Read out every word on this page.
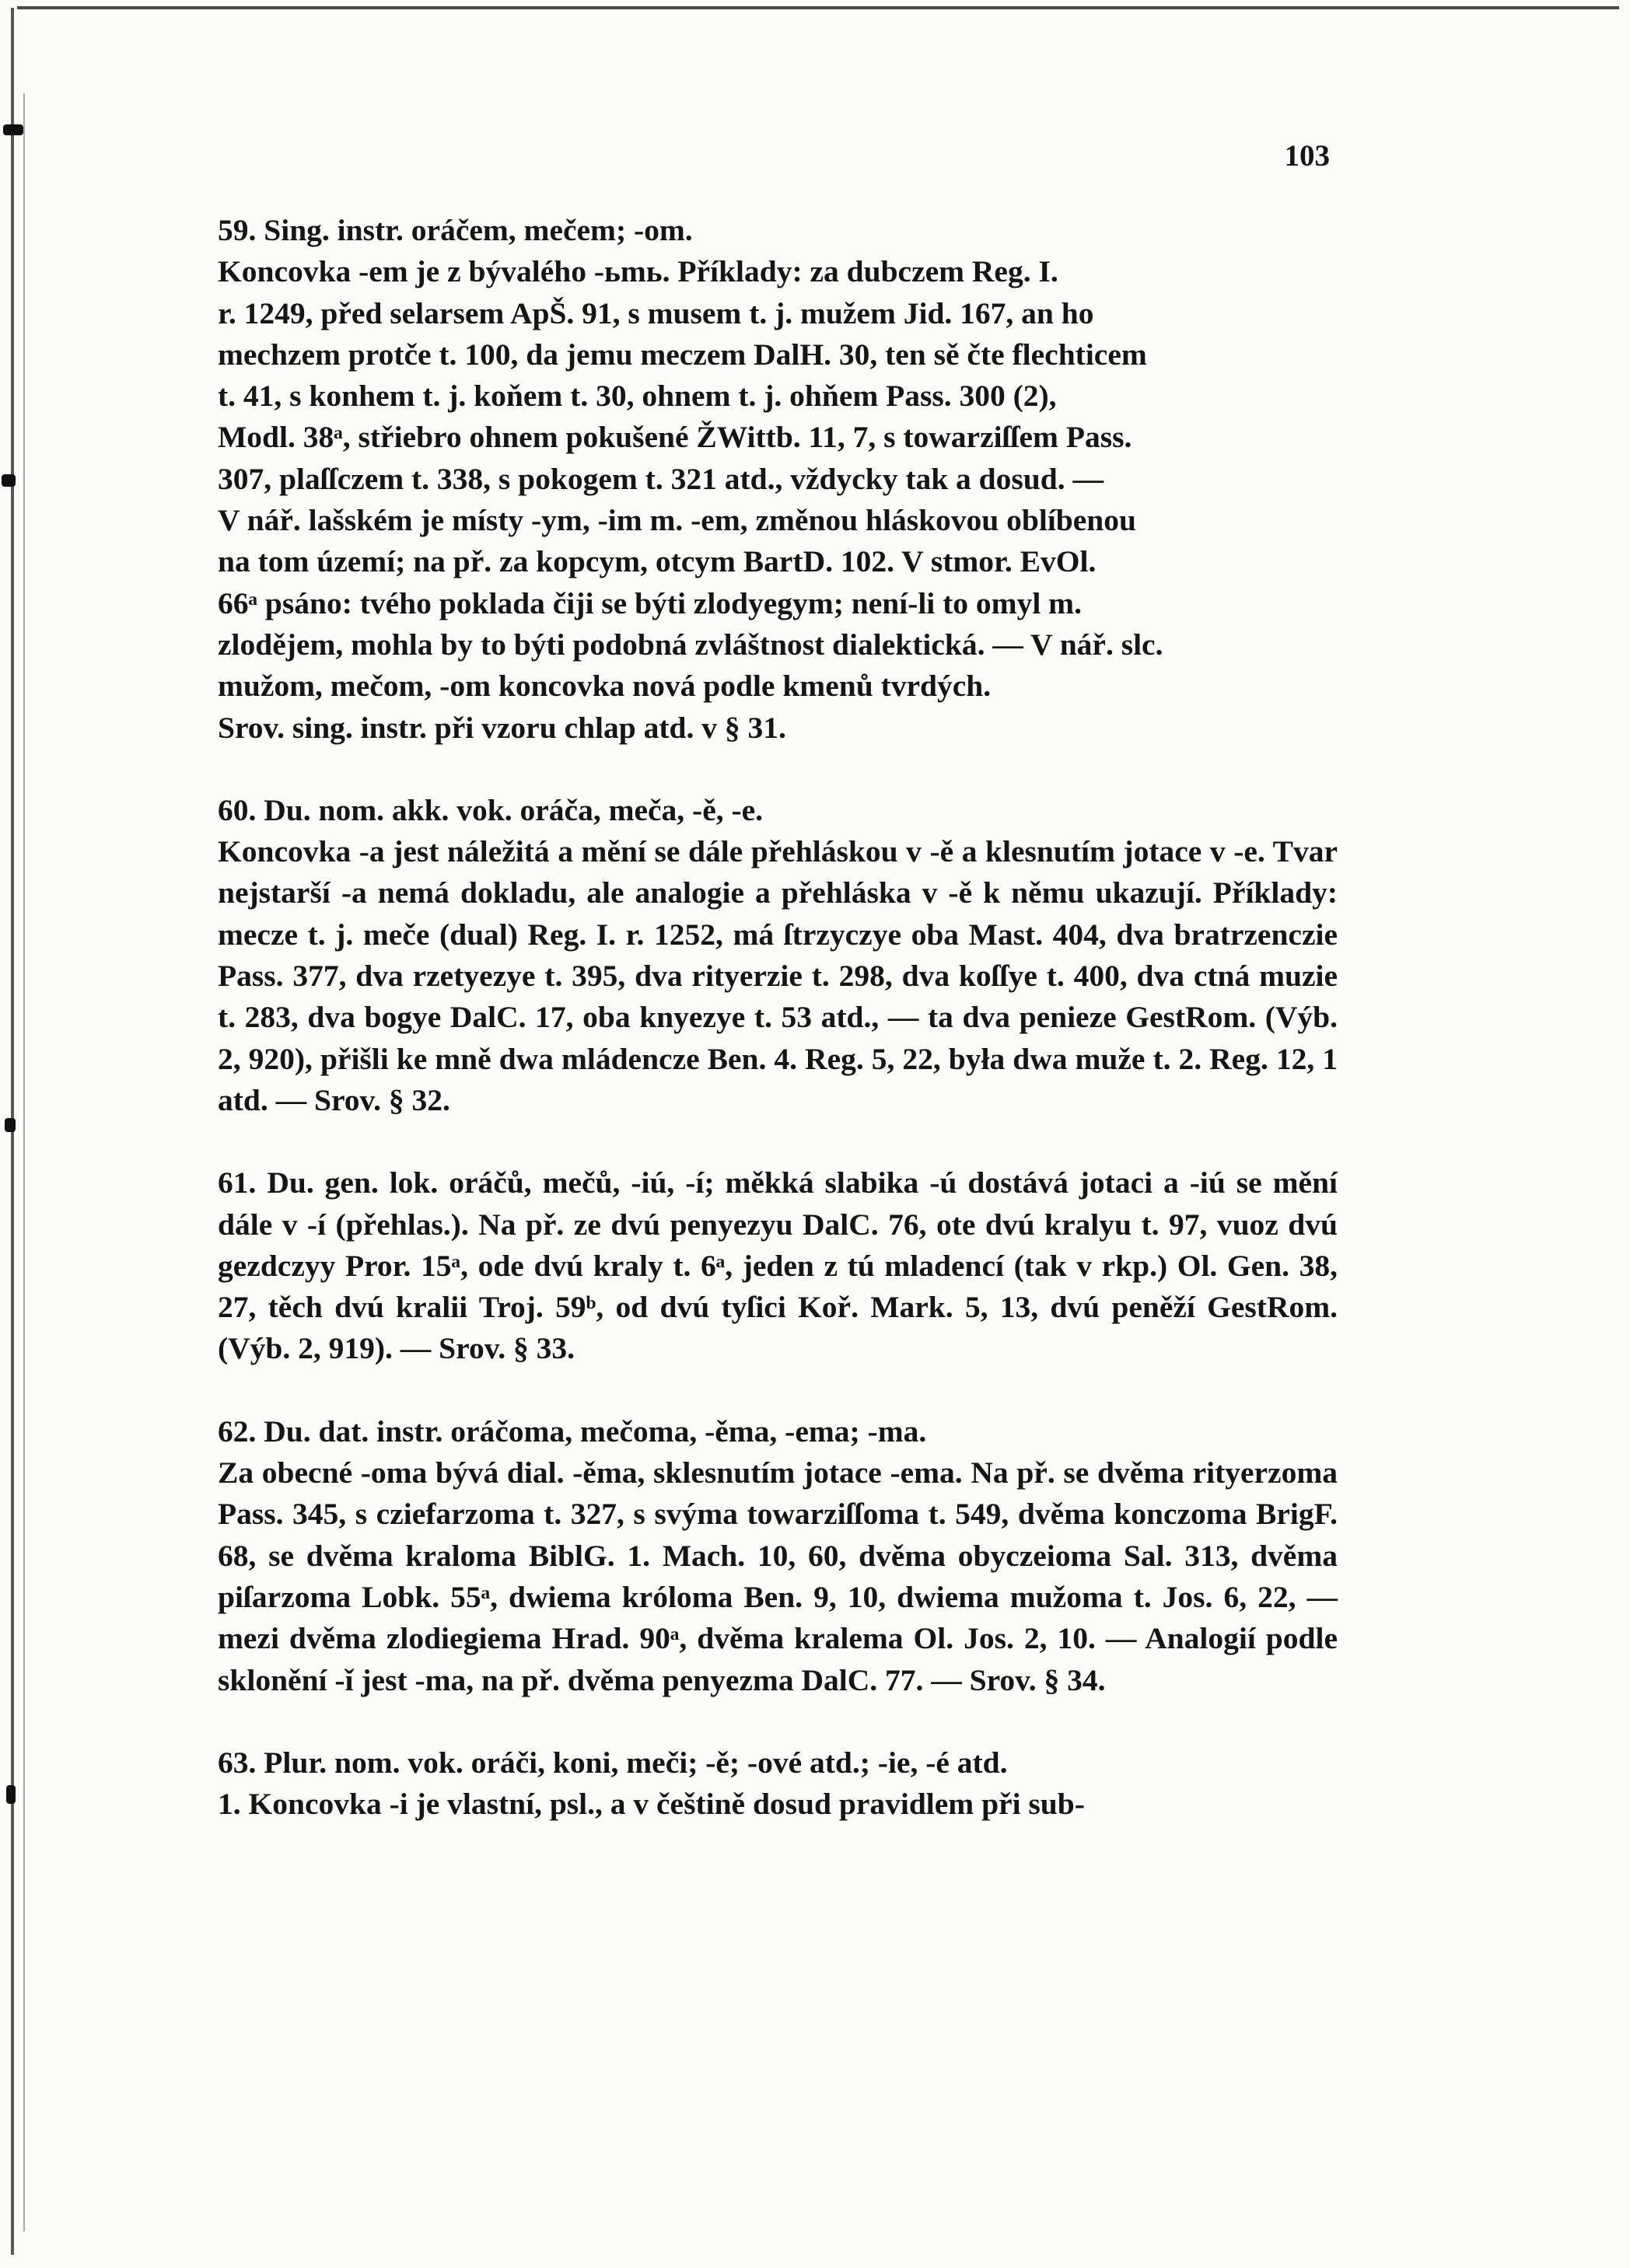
103
59. Sing. instr. oráčem, mečem; -om.
Koncovka -em je z bývalého -ьmь. Příklady: za dubczem Reg. I.
r. 1249, před selarsem ApŠ. 91, s musem t. j. mužem Jid. 167, an ho
mechzem protče t. 100, da jemu meczem DalH. 30, ten sě čte flechticem
t. 41, s konhem t. j. koňem t. 30, ohnem t. j. ohňem Pass. 300 (2),
Modl. 38ᵃ, střiebro ohnem pokušené ŽWittb. 11, 7, s towarziſſem Pass.
307, plaſſczem t. 338, s pokogem t. 321 atd., vždycky tak a dosud. —
V nář. lašském je místy -ym, -im m. -em, změnou hláskovou oblíbenou
na tom území; na př. za kopcym, otcym BartD. 102. V stmor. EvOl.
66ᵃ psáno: tvého poklada čiji se býti zlodyegym; není-li to omyl m.
zlodějem, mohla by to býti podobná zvláštnost dialektická. — V nář. slc.
mužom, mečom, -om koncovka nová podle kmenů tvrdých.
Srov. sing. instr. při vzoru chlap atd. v § 31.
60. Du. nom. akk. vok. oráča, meča, -ě, -e.
Koncovka -a jest náležitá a mění se dále přehláskou v -ě a klesnutím jotace v -e. Tvar nejstarší -a nemá dokladu, ale analogie a přehláska v -ě k němu ukazují. Příklady: mecze t. j. meče (dual) Reg. I. r. 1252, má ſtrzyczye oba Mast. 404, dva bratrzenczie Pass. 377, dva rzetyezye t. 395, dva rityerzie t. 298, dva koſſye t. 400, dva ctná muzie t. 283, dva bogye DalC. 17, oba knyezye t. 53 atd., — ta dva penieze GestRom. (Výb. 2, 920), přišli ke mně dwa mládencze Ben. 4. Reg. 5, 22, była dwa muže t. 2. Reg. 12, 1 atd. — Srov. § 32.
61. Du. gen. lok. oráčů, mečů, -iú, -í; měkká slabika -ú dostává jotaci a -iú se mění dále v -í (přehlas.). Na př. ze dvú penyezyu DalC. 76, ote dvú kralyu t. 97, vuoz dvú gezdczyy Pror. 15ᵃ, ode dvú kraly t. 6ᵃ, jeden z tú mladencí (tak v rkp.) Ol. Gen. 38, 27, těch dvú kralii Troj. 59ᵇ, od dvú tyſici Koř. Mark. 5, 13, dvú peněží GestRom. (Výb. 2, 919). — Srov. § 33.
62. Du. dat. instr. oráčoma, mečoma, -ěma, -ema; -ma.
Za obecné -oma bývá dial. -ěma, sklesnutím jotace -ema. Na př. se dvěma rityerzoma Pass. 345, s cziefarzoma t. 327, s svýma towarziſſoma t. 549, dvěma konczoma BrigF. 68, se dvěma kraloma BiblG. 1. Mach. 10, 60, dvěma obyczeioma Sal. 313, dvěma piſarzoma Lobk. 55ᵃ, dwiema króloma Ben. 9, 10, dwiema mužoma t. Jos. 6, 22, — mezi dvěma zlodiegiema Hrad. 90ᵃ, dvěma kralema Ol. Jos. 2, 10. — Analogií podle sklonění -ǐ jest -ma, na př. dvěma penyezma DalC. 77. — Srov. § 34.
63. Plur. nom. vok. oráči, koni, meči; -ě; -ové atd.; -ie, -é atd.
1. Koncovka -i je vlastní, psl., a v češtině dosud pravidlem při sub-
